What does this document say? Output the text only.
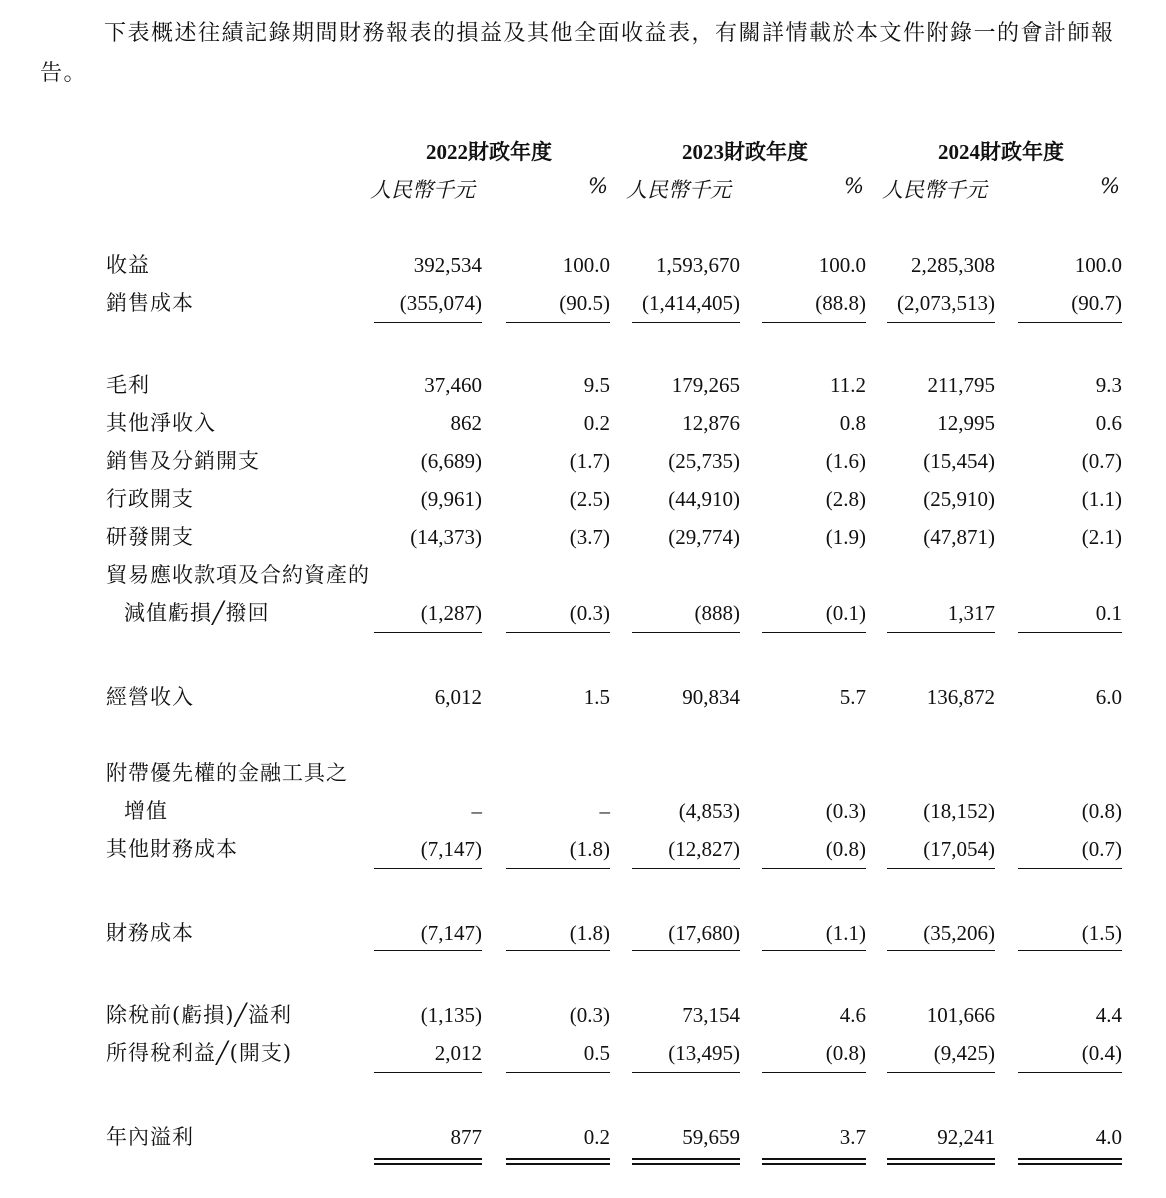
下表概述往績記錄期間財務報表的損益及其他全面收益表，有關詳情載於本文件附錄一的會計師報告。

2022財政年度	2023財政年度	2024財政年度
人民幣千元	% 人民幣千元	% 人民幣千元	%
收益	392,534	100.0 1,593,670	100.0 2,285,308	100.0
銷售成本	(355,074)	(90.5) (1,414,405)	(88.8) (2,073,513)	(90.7)
毛利	37,460	9.5	179,265	11.2	211,795	9.3
其他淨收入	862	0.2	12,876	0.8	12,995	0.6
銷售及分銷開支	(6,689)	(1.7)	(25,735)	(1.6)	(15,454)	(0.7)
行政開支	(9,961)	(2.5)	(44,910)	(2.8)	(25,910)	(1.1)
研發開支	(14,373)	(3.7)	(29,774)	(1.9)	(47,871)	(2.1)
貿易應收款項及合約資產的
減值虧損╱撥回	(1,287)	(0.3)	(888)	(0.1)	1,317	0.1
經營收入	6,012	1.5	90,834	5.7	136,872	6.0
附帶優先權的金融工具之
增值	–	–	(4,853)	(0.3)	(18,152)	(0.8)
其他財務成本	(7,147)	(1.8)	(12,827)	(0.8)	(17,054)	(0.7)
財務成本	(7,147)	(1.8)	(17,680)	(1.1)	(35,206)	(1.5)
除稅前(虧損)╱溢利	(1,135)	(0.3)	73,154	4.6	101,666	4.4
所得稅利益╱(開支)	2,012	0.5	(13,495)	(0.8)	(9,425)	(0.4)
年內溢利	877	0.2	59,659	3.7	92,241	4.0
